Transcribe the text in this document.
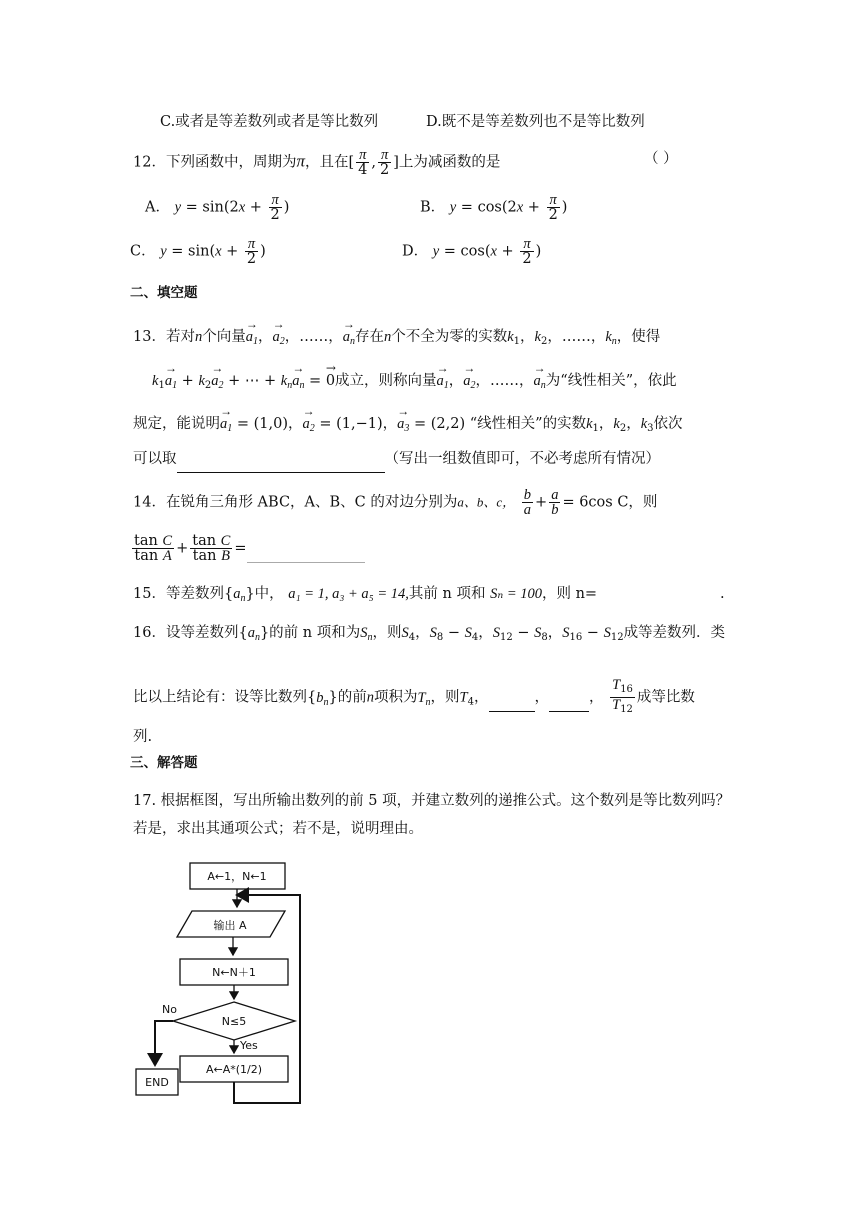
C.或者是等差数列或者是等比数列	D.既不是等差数列也不是等比数列
12．下列函数中，周期为π，且在[ $\frac{\pi}{4}$ , $\frac{\pi}{2}$ ]上为减函数的是	（ ）
A． $y = \sin(2x + \frac{\pi}{2}$ )	B． $y = \cos(2x + \frac{\pi}{2}$ )
C． $y = \sin(x + \frac{\pi}{2}$ )	D． $y = \cos(x + \frac{\pi}{2}$ )
二、填空题
13．若对n个向量→ $a_1$，→ $a_2$，……，→ $a_n$存在n个不全为零的实数$k_1$，$k_2$，……，$k_n$，使得
$k_1\to a_1 + k_2\to a_2$ + ⋯ + $k_n\to a_n$ = → 0成立，则称向量→ $a_1$，→ $a_2$，……，→ $a_n$为“线性相关”，依此
规定，能说明→ $a_1 = (1,0)$，→ $a_2 = (1,-1)$，→ $a_3 = (2,2)$ “线性相关”的实数$k_1$，$k_2$，$k_3$依次
可以取	（写出一组数值即可，不必考虑所有情况）
14．在锐角三角形 ABC，A、B、C 的对边分别为a、b、c， $\frac{b}{a} + \frac{a}{b} = 6\cos$ C，则
$\frac{\text{tan C}}{\text{tan A}} + \frac{\text{tan C}}{\text{tan B}}$ =
15．等差数列$\{a_n\}$中， a₁ = 1, a₃ + a₅ = 14,其前 n 项和 Sₙ = 100，则 n=	.
16．设等差数列$\{a_n\}$的前 n 项和为$S_n$，则$S_4$，$S_8 - S_4$，$S_{12} - S_8$，$S_{16} - S_{12}$成等差数列．类
比以上结论有：设等比数列$\{b_n\}$的前n项积为$T_n$，则$T_4$，	，	， $\frac{T_{16}}{T_{12}}$ 成等比数
列.
三、解答题
17. 根据框图，写出所输出数列的前 5 项，并建立数列的递推公式。这个数列是等比数列吗？
若是，求出其通项公式；若不是，说明理由。
A←1，N←1
输出 A
N←N＋1
N≤5
Yes
A←A*(1/2)
No
END
